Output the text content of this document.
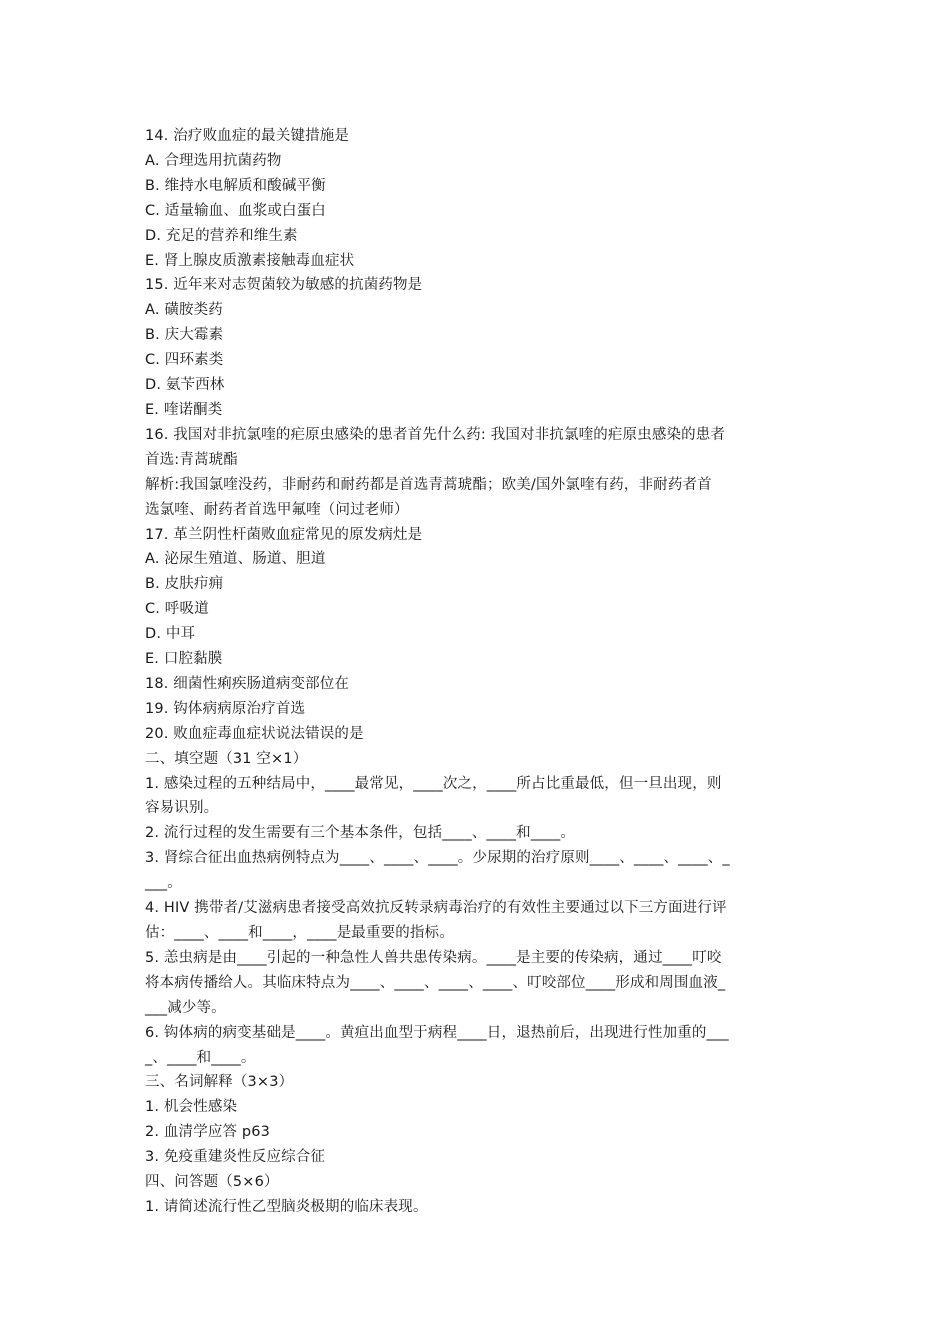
14. 治疗败血症的最关键措施是
A. 合理选用抗菌药物
B. 维持水电解质和酸碱平衡
C. 适量输血、血浆或白蛋白
D. 充足的营养和维生素
E. 肾上腺皮质激素接触毒血症状
15. 近年来对志贺菌较为敏感的抗菌药物是
A. 磺胺类药
B. 庆大霉素
C. 四环素类
D. 氨苄西林
E. 喹诺酮类
16. 我国对非抗氯喹的疟原虫感染的患者首先什么药: 我国对非抗氯喹的疟原虫感染的患者
首选:青蒿琥酯
解析:我国氯喹没药，非耐药和耐药都是首选青蒿琥酯；欧美/国外氯喹有药，非耐药者首
选氯喹、耐药者首选甲氟喹（问过老师）
17. 革兰阴性杆菌败血症常见的原发病灶是
A. 泌尿生殖道、肠道、胆道
B. 皮肤疖痈
C. 呼吸道
D. 中耳
E. 口腔黏膜
18. 细菌性痢疾肠道病变部位在
19. 钩体病病原治疗首选
20. 败血症毒血症状说法错误的是
二、填空题（31 空×1）
1. 感染过程的五种结局中，____最常见，____次之，____所占比重最低，但一旦出现，则
容易识别。
2. 流行过程的发生需要有三个基本条件，包括____、____和____。
3. 肾综合征出血热病例特点为____、____、____。少尿期的治疗原则____、____、____、_
___。
4. HIV 携带者/艾滋病患者接受高效抗反转录病毒治疗的有效性主要通过以下三方面进行评
估：____、____和____，____是最重要的指标。
5. 恙虫病是由____引起的一种急性人兽共患传染病。____是主要的传染病，通过____叮咬
将本病传播给人。其临床特点为____、____、____、____、叮咬部位____形成和周围血液_
___减少等。
6. 钩体病的病变基础是____。黄疸出血型于病程____日，退热前后，出现进行性加重的___
_、____和____。
三、名词解释（3×3）
1. 机会性感染
2. 血清学应答 p63
3. 免疫重建炎性反应综合征
四、问答题（5×6）
1. 请简述流行性乙型脑炎极期的临床表现。
